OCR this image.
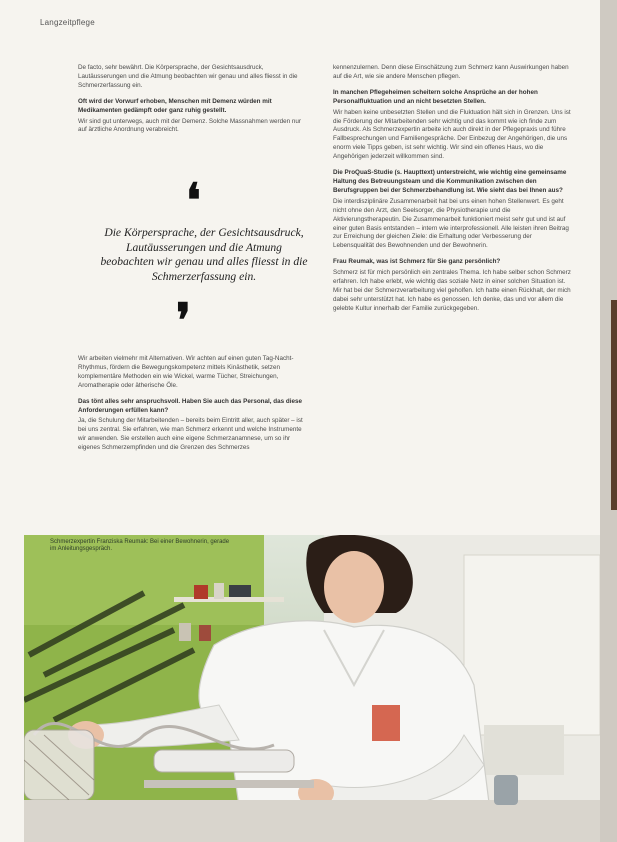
Langzeitpflege

De facto, sehr bewährt. Die Körpersprache, der Gesichtsausdruck, Lautäusserungen und die Atmung beobachten wir genau und alles fliesst in die Schmerzerfassung ein.

Oft wird der Vorwurf erhoben, Menschen mit Demenz würden mit Medikamenten gedämpft oder ganz ruhig gestellt.

Wir sind gut unterwegs, auch mit der Demenz. Solche Massnahmen werden nur auf ärztliche Anordnung verabreicht.

❛
Die Körpersprache, der Gesichtsausdruck, Lautäusserungen und die Atmung beobachten wir genau und alles fliesst in die Schmerzerfassung ein.
❜

Wir arbeiten vielmehr mit Alternativen. Wir achten auf einen guten Tag-Nacht-Rhythmus, fördern die Bewegungskompetenz mittels Kinästhetik, setzen komplementäre Methoden ein wie Wickel, warme Tücher, Streichungen, Aromatherapie oder ätherische Öle.

Das tönt alles sehr anspruchsvoll. Haben Sie auch das Personal, das diese Anforderungen erfüllen kann?

Ja, die Schulung der Mitarbeitenden – bereits beim Eintritt aller, auch später – ist bei uns zentral. Sie erfahren, wie man Schmerz erkennt und welche Instrumente wir anwenden. Sie erstellen auch eine eigene Schmerzanamnese, um so ihr eigenes Schmerzempfinden und die Grenzen des Schmerzes

kennenzulernen. Denn diese Einschätzung zum Schmerz kann Auswirkungen haben auf die Art, wie sie andere Menschen pflegen.

In manchen Pflegeheimen scheitern solche Ansprüche an der hohen Personalfluktuation und an nicht besetzten Stellen.

Wir haben keine unbesetzten Stellen und die Fluktuation hält sich in Grenzen. Uns ist die Förderung der Mitarbeitenden sehr wichtig und das kommt wie ich finde zum Ausdruck. Als Schmerzexpertin arbeite ich auch direkt in der Pflegepraxis und führe Fallbesprechungen und Familiengespräche. Der Einbezug der Angehörigen, die uns enorm viele Tipps geben, ist sehr wichtig. Wir sind ein offenes Haus, wo die Angehörigen jederzeit willkommen sind.

Die ProQuaS-Studie (s. Haupttext) unterstreicht, wie wichtig eine gemeinsame Haltung des Betreuungsteam und die Kommunikation zwischen den Berufsgruppen bei der Schmerzbehandlung ist. Wie sieht das bei Ihnen aus?

Die interdisziplinäre Zusammenarbeit hat bei uns einen hohen Stellenwert. Es geht nicht ohne den Arzt, den Seelsorger, die Physiotherapie und die Aktivierungstherapeutin. Die Zusammenarbeit funktioniert meist sehr gut und ist auf einer guten Basis entstanden – intern wie interprofessionell. Alle leisten ihren Beitrag zur Erreichung der gleichen Ziele: die Erhaltung oder Verbesserung der Lebensqualität des Bewohnenden und der Bewohnerin.

Frau Reumak, was ist Schmerz für Sie ganz persönlich?

Schmerz ist für mich persönlich ein zentrales Thema. Ich habe selber schon Schmerz erfahren. Ich habe erlebt, wie wichtig das soziale Netz in einer solchen Situation ist. Mir hat bei der Schmerzverarbeitung viel geholfen. Ich hatte einen Rückhalt, der mich dabei sehr unterstützt hat. Ich habe es genossen. Ich denke, das und vor allem die gelebte Kultur innerhalb der Familie zurückgegeben.

Schmerzexpertin Franziska Reumak: Bei einer Bewohnerin, gerade im Anleitungsgespräch.
